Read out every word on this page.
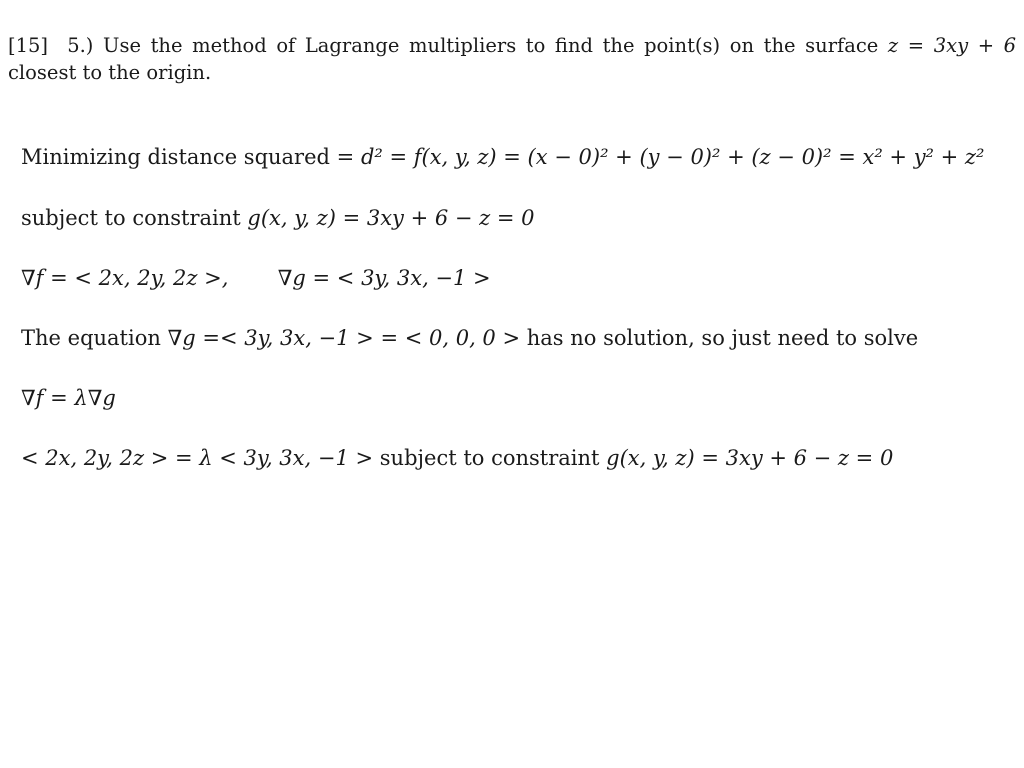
[15] 5.) Use the method of Lagrange multipliers to find the point(s) on the surface z = 3xy + 6 closest to the origin.
Minimizing distance squared = d² = f(x, y, z) = (x − 0)² + (y − 0)² + (z − 0)² = x² + y² + z²
subject to constraint g(x, y, z) = 3xy + 6 − z = 0
∇f = < 2x, 2y, 2z >, ∇g = < 3y, 3x, −1 >
The equation ∇g =< 3y, 3x, −1 > = < 0, 0, 0 > has no solution, so just need to solve
∇f = λ∇g
< 2x, 2y, 2z > = λ < 3y, 3x, −1 > subject to constraint g(x, y, z) = 3xy + 6 − z = 0
